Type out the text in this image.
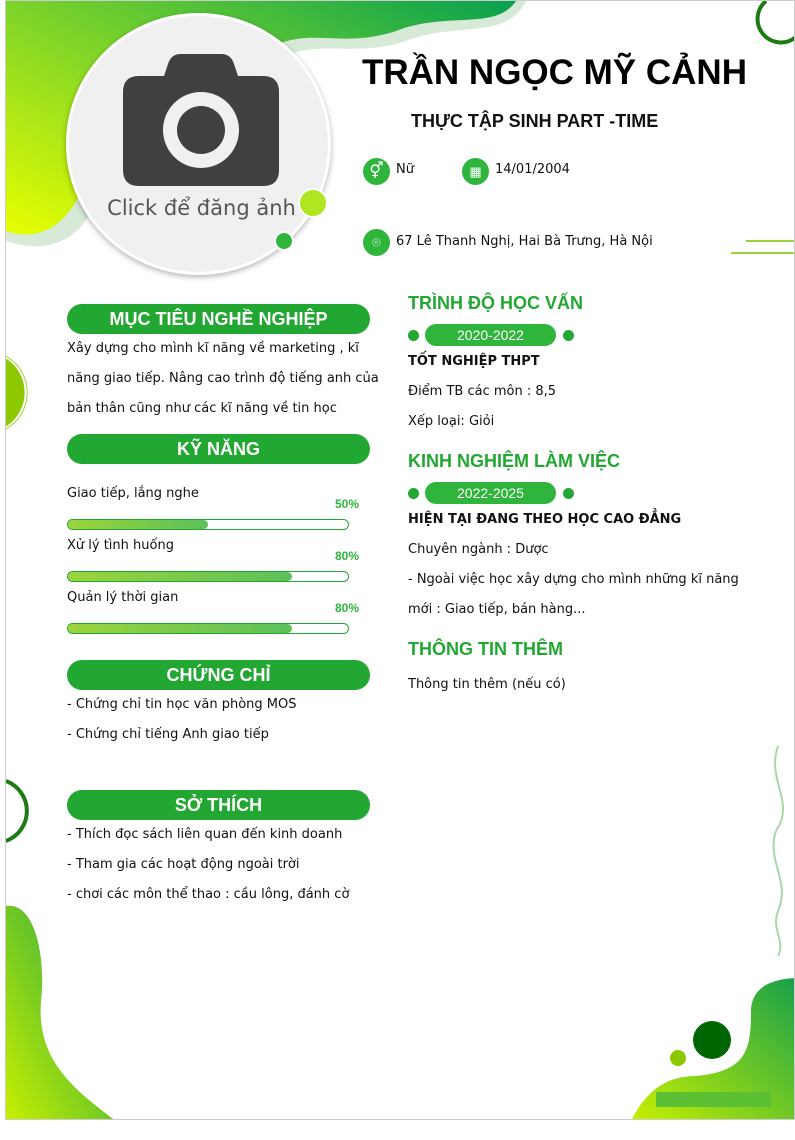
Click để đăng ảnh
TRẦN NGỌC MỸ CẢNH
THỰC TẬP SINH PART -TIME
⚥ Nữ	▦	14/01/2004
⌾	67 Lê Thanh Nghị, Hai Bà Trưng, Hà Nội
MỤC TIÊU NGHỀ NGHIỆP
Xây dựng cho mình kĩ năng về marketing , kĩ
năng giao tiếp. Nâng cao trình độ tiếng anh của
bản thân cũng như các kĩ năng về tin học
KỸ NĂNG
Giao tiếp, lắng nghe
50%
Xử lý tình huống
80%
Quản lý thời gian
80%
CHỨNG CHỈ
- Chứng chỉ tin học văn phòng MOS
- Chứng chỉ tiếng Anh giao tiếp
SỞ THÍCH
- Thích đọc sách liên quan đến kinh doanh
- Tham gia các hoạt động ngoài trời
- chơi các môn thể thao : cầu lông, đánh cờ
TRÌNH ĐỘ HỌC VẤN
2020-2022
TỐT NGHIỆP THPT
Điểm TB các môn : 8,5
Xếp loại: Giỏi
KINH NGHIỆM LÀM VIỆC
2022-2025
HIỆN TẠI ĐANG THEO HỌC CAO ĐẲNG
Chuyên ngành : Dược
- Ngoài việc học xây dựng cho mình những kĩ năng
mới : Giao tiếp, bán hàng...
THÔNG TIN THÊM
Thông tin thêm (nếu có)
